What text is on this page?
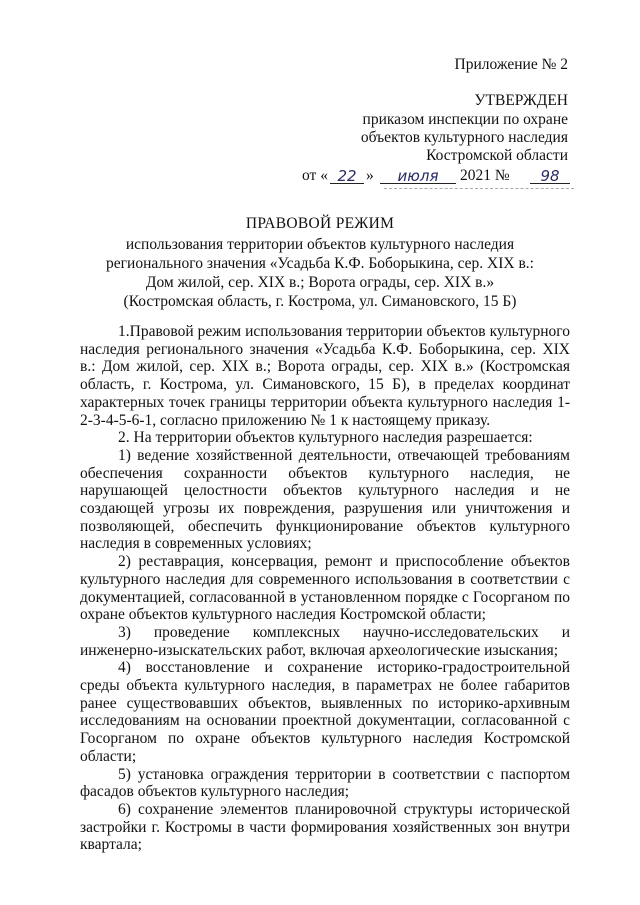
Приложение № 2
УТВЕРЖДЕН
приказом инспекции по охране
объектов культурного наследия
Костромской области
от « 22 »	июля	2021 №	98
ПРАВОВОЙ РЕЖИМ
использования территории объектов культурного наследия
регионального значения «Усадьба К.Ф. Боборыкина, сер. XIX в.:
Дом жилой, сер. XIX в.; Ворота ограды, сер. XIX в.»
(Костромская область, г. Кострома, ул. Симановского, 15 Б)

1.Правовой режим использования территории объектов культурного наследия регионального значения «Усадьба К.Ф. Боборыкина, сер. XIX в.: Дом жилой, сер. XIX в.; Ворота ограды, сер. XIX в.» (Костромская область, г. Кострома, ул. Симановского, 15 Б), в пределах координат характерных точек границы территории объекта культурного наследия 1-2-3-4-5-6-1, согласно приложению № 1 к настоящему приказу.

2. На территории объектов культурного наследия разрешается:

1) ведение хозяйственной деятельности, отвечающей требованиям обеспечения сохранности объектов культурного наследия, не нарушающей целостности объектов культурного наследия и не создающей угрозы их повреждения, разрушения или уничтожения и позволяющей, обеспечить функционирование объектов культурного наследия в современных условиях;

2) реставрация, консервация, ремонт и приспособление объектов культурного наследия для современного использования в соответствии с документацией, согласованной в установленном порядке с Госорганом по охране объектов культурного наследия Костромской области;

3) проведение комплексных научно-исследовательских и инженерно-изыскательских работ, включая археологические изыскания;

4) восстановление и сохранение историко-градостроительной среды объекта культурного наследия, в параметрах не более габаритов ранее существовавших объектов, выявленных по историко-архивным исследованиям на основании проектной документации, согласованной с Госорганом по охране объектов культурного наследия Костромской области;

5) установка ограждения территории в соответствии с паспортом фасадов объектов культурного наследия;

6) сохранение элементов планировочной структуры исторической застройки г. Костромы в части формирования хозяйственных зон внутри квартала;
